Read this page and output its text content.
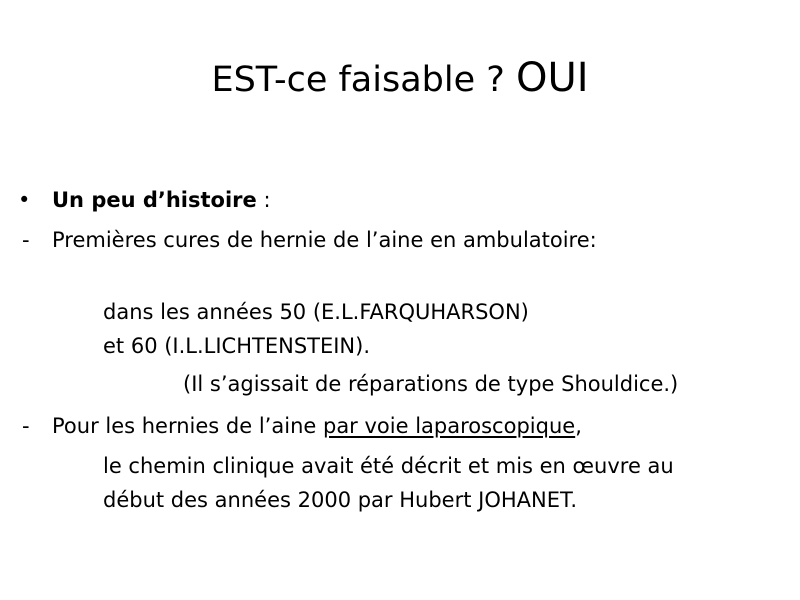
EST-ce faisable ? OUI
• Un peu d’histoire :
- Premières cures de hernie de l’aine en ambulatoire:
dans les années 50 (E.L.FARQUHARSON)
et 60 (I.L.LICHTENSTEIN).
(Il s’agissait de réparations de type Shouldice.)
- Pour les hernies de l’aine par voie laparoscopique,
le chemin clinique avait été décrit et mis en œuvre au
début des années 2000 par Hubert JOHANET.
